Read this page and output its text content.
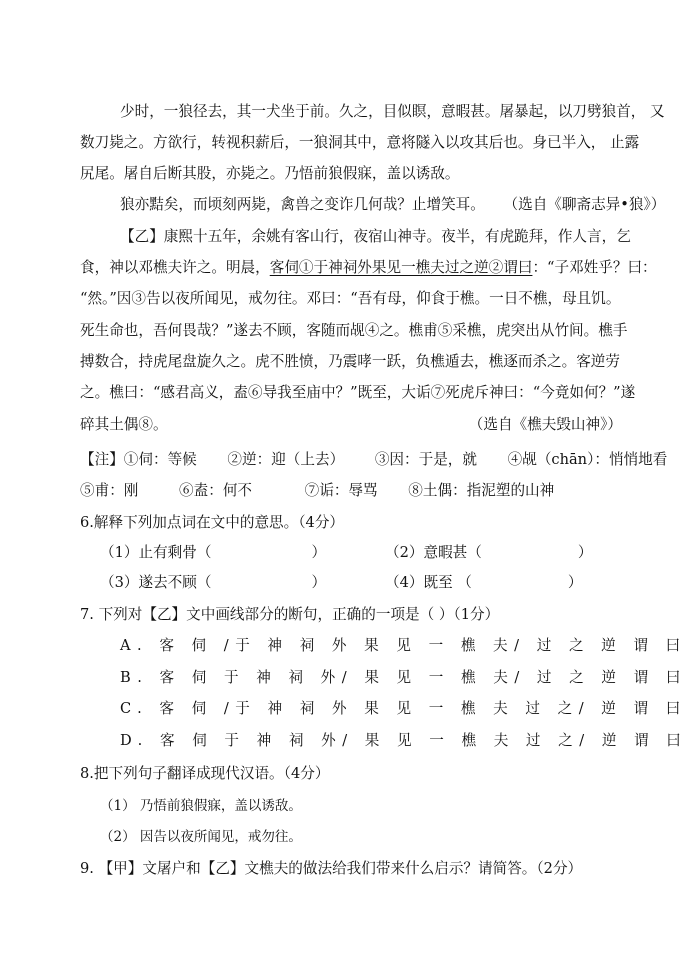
少时，一狼径去，其一犬坐于前。久之，目似瞑，意暇甚。屠暴起，以刀劈狼首， 又
数刀毙之。方欲行，转视积薪后，一狼洞其中，意将隧入以攻其后也。身已半入， 止露
尻尾。屠自后断其股，亦毙之。乃悟前狼假寐，盖以诱敌。
狼亦黠矣，而顷刻两毙，禽兽之变诈几何哉？止增笑耳。 （选自《聊斋志异•狼》）
【乙】康熙十五年，余姚有客山行，夜宿山神寺。夜半，有虎跪拜，作人言，乞
食，神以邓樵夫许之。明晨，客伺①于神祠外果见一樵夫过之逆②谓曰：“子邓姓乎？曰：
“然。”因③告以夜所闻见，戒勿往。邓曰：“吾有母，仰食于樵。一日不樵，母且饥。
死生命也，吾何畏哉？”遂去不顾，客随而觇④之。樵甫⑤采樵，虎突出从竹间。樵手
搏数合，持虎尾盘旋久之。虎不胜愤，乃震哮一跃，负樵遁去，樵逐而杀之。客逆劳
之。樵曰：“感君高义，盍⑥导我至庙中？”既至，大诟⑦死虎斥神曰：“今竟如何？”遂
碎其土偶⑧。	（选自《樵夫毁山神》）
【注】①伺：等候 ②逆：迎（上去） ③因：于是，就 ④觇（chān）：悄悄地看
⑤甫：刚	⑥盍：何不	⑦诟：辱骂 ⑧土偶：指泥塑的山神
6.解释下列加点词在文中的意思。（4分）
（1）止有剩骨（	）	（2）意暇甚（	）
（3）遂去不顾（	）	（4）既至 （	）
7. 下列对【乙】文中画线部分的断句，正确的一项是（ ）（1分）
A. 客 伺 /于 神 祠 外 果 见 一 樵 夫/ 过 之 逆 谓 曰
B. 客 伺 于 神 祠 外/ 果 见 一 樵 夫/ 过 之 逆 谓 曰
C. 客 伺 /于 神 祠 外 果 见 一 樵 夫 过 之/ 逆 谓 曰
D. 客 伺 于 神 祠 外/ 果 见 一 樵 夫 过 之/ 逆 谓 曰
8.把下列句子翻译成现代汉语。（4分）
（1） 乃悟前狼假寐，盖以诱敌。
（2） 因告以夜所闻见，戒勿往。
9. 【甲】文屠户和【乙】文樵夫的做法给我们带来什么启示？请简答。（2分）
